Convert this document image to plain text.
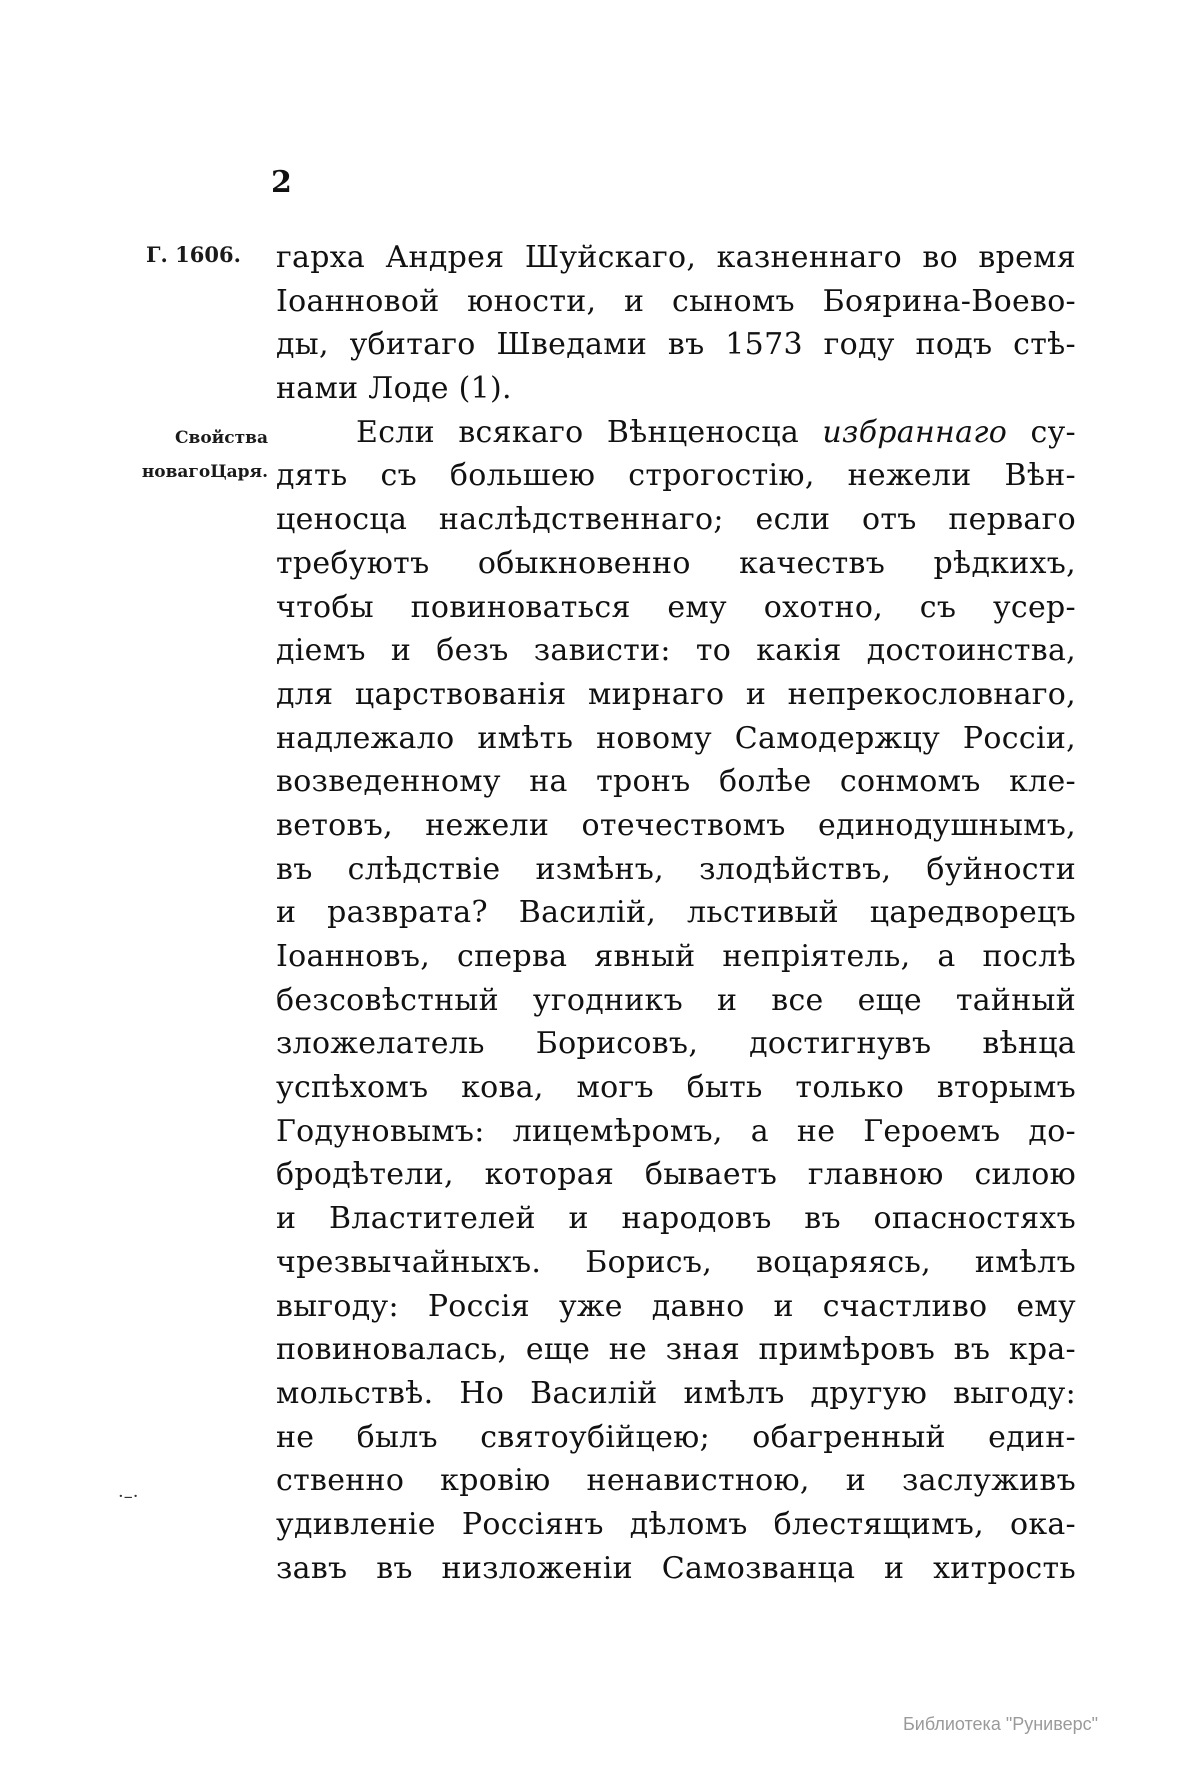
2
Г. 1606.
Свойства
новагоЦаря.
·–·
гарха Андрея Шуйскаго, казненнаго во время
Іоанновой юности, и сыномъ Боярина-Воево-
ды, убитаго Шведами въ 1573 году подъ стѣ-
нами Лоде (1).
Если всякаго Вѣнценосца избраннаго су-
дять съ большею строгостію, нежели Вѣн-
ценосца наслѣдственнаго; если отъ перваго
требуютъ обыкновенно качествъ рѣдкихъ,
чтобы повиноваться ему охотно, съ усер-
діемъ и безъ зависти: то какія достоинства,
для царствованія мирнаго и непрекословнаго,
надлежало имѣть новому Самодержцу Россіи,
возведенному на тронъ болѣе сонмомъ кле-
ветовъ, нежели отечествомъ единодушнымъ,
въ слѣдствіе измѣнъ, злодѣйствъ, буйности
и разврата? Василій, льстивый царедворецъ
Іоанновъ, сперва явный непріятель, а послѣ
безсовѣстный угодникъ и все еще тайный
зложелатель Борисовъ, достигнувъ вѣнца
успѣхомъ кова, могъ быть только вторымъ
Годуновымъ: лицемѣромъ, а не Героемъ до-
бродѣтели, которая бываетъ главною силою
и Властителей и народовъ въ опасностяхъ
чрезвычайныхъ. Борисъ, воцаряясь, имѣлъ
выгоду: Россія уже давно и счастливо ему
повиновалась, еще не зная примѣровъ въ кра-
мольствѣ. Но Василій имѣлъ другую выгоду:
не былъ святоубійцею; обагренный един-
ственно кровію ненавистною, и заслуживъ
удивленіе Россіянъ дѣломъ блестящимъ, ока-
завъ въ низложеніи Самозванца и хитрость
Библиотека "Руниверс"
